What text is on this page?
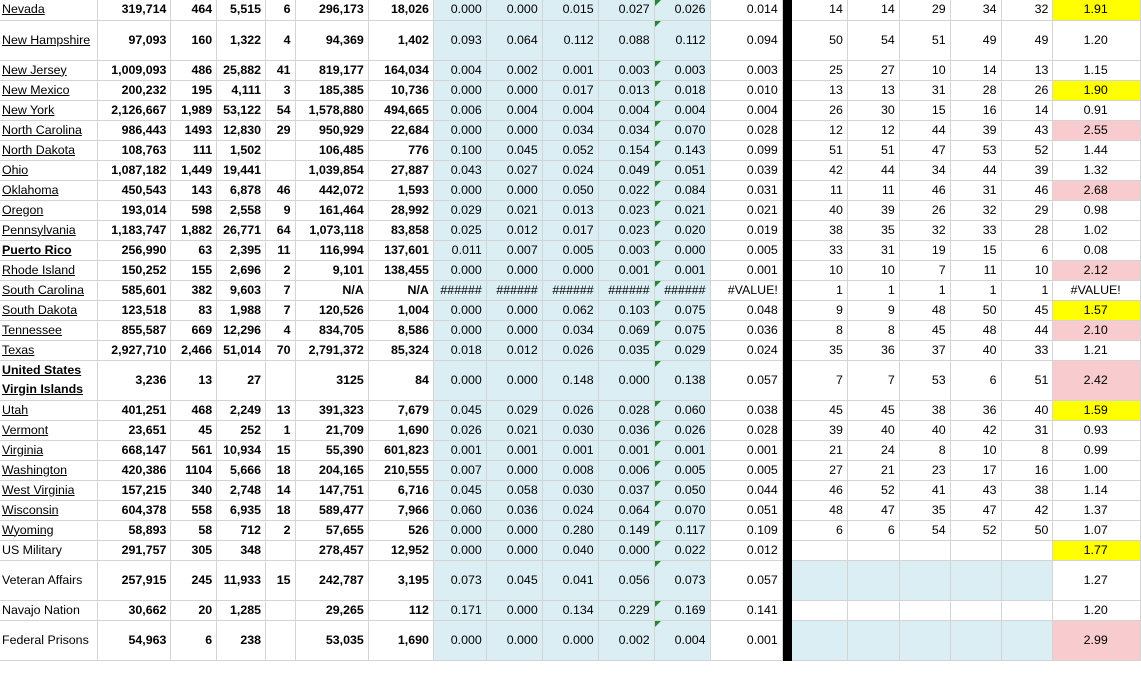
Nevada	319,714	464	5,515	6	296,173	18,026	0.000	0.000	0.015	0.027	0.026	0.014		14	14	29	34	32	1.91
New Hampshire	97,093	160	1,322	4	94,369	1,402	0.093	0.064	0.112	0.088	0.112	0.094		50	54	51	49	49	1.20
New Jersey	1,009,093	486	25,882	41	819,177	164,034	0.004	0.002	0.001	0.003	0.003	0.003		25	27	10	14	13	1.15
New Mexico	200,232	195	4,111	3	185,385	10,736	0.000	0.000	0.017	0.013	0.018	0.010		13	13	31	28	26	1.90
New York	2,126,667	1,989	53,122	54	1,578,880	494,665	0.006	0.004	0.004	0.004	0.004	0.004		26	30	15	16	14	0.91
North Carolina	986,443	1493	12,830	29	950,929	22,684	0.000	0.000	0.034	0.034	0.070	0.028		12	12	44	39	43	2.55
North Dakota	108,763	111	1,502		106,485	776	0.100	0.045	0.052	0.154	0.143	0.099		51	51	47	53	52	1.44
Ohio	1,087,182	1,449	19,441		1,039,854	27,887	0.043	0.027	0.024	0.049	0.051	0.039		42	44	34	44	39	1.32
Oklahoma	450,543	143	6,878	46	442,072	1,593	0.000	0.000	0.050	0.022	0.084	0.031		11	11	46	31	46	2.68
Oregon	193,014	598	2,558	9	161,464	28,992	0.029	0.021	0.013	0.023	0.021	0.021		40	39	26	32	29	0.98
Pennsylvania	1,183,747	1,882	26,771	64	1,073,118	83,858	0.025	0.012	0.017	0.023	0.020	0.019		38	35	32	33	28	1.02
Puerto Rico	256,990	63	2,395	11	116,994	137,601	0.011	0.007	0.005	0.003	0.000	0.005		33	31	19	15	6	0.08
Rhode Island	150,252	155	2,696	2	9,101	138,455	0.000	0.000	0.000	0.001	0.001	0.001		10	10	7	11	10	2.12
South Carolina	585,601	382	9,603	7	N/A	N/A	######	######	######	######	######	#VALUE!		1	1	1	1	1	#VALUE!
South Dakota	123,518	83	1,988	7	120,526	1,004	0.000	0.000	0.062	0.103	0.075	0.048		9	9	48	50	45	1.57
Tennessee	855,587	669	12,296	4	834,705	8,586	0.000	0.000	0.034	0.069	0.075	0.036		8	8	45	48	44	2.10
Texas	2,927,710	2,466	51,014	70	2,791,372	85,324	0.018	0.012	0.026	0.035	0.029	0.024		35	36	37	40	33	1.21
United States Virgin Islands	3,236	13	27		3125	84	0.000	0.000	0.148	0.000	0.138	0.057		7	7	53	6	51	2.42
Utah	401,251	468	2,249	13	391,323	7,679	0.045	0.029	0.026	0.028	0.060	0.038		45	45	38	36	40	1.59
Vermont	23,651	45	252	1	21,709	1,690	0.026	0.021	0.030	0.036	0.026	0.028		39	40	40	42	31	0.93
Virginia	668,147	561	10,934	15	55,390	601,823	0.001	0.001	0.001	0.001	0.001	0.001		21	24	8	10	8	0.99
Washington	420,386	1104	5,666	18	204,165	210,555	0.007	0.000	0.008	0.006	0.005	0.005		27	21	23	17	16	1.00
West Virginia	157,215	340	2,748	14	147,751	6,716	0.045	0.058	0.030	0.037	0.050	0.044		46	52	41	43	38	1.14
Wisconsin	604,378	558	6,935	18	589,477	7,966	0.060	0.036	0.024	0.064	0.070	0.051		48	47	35	47	42	1.37
Wyoming	58,893	58	712	2	57,655	526	0.000	0.000	0.280	0.149	0.117	0.109		6	6	54	52	50	1.07
US Military	291,757	305	348		278,457	12,952	0.000	0.000	0.040	0.000	0.022	0.012							1.77
Veteran Affairs	257,915	245	11,933	15	242,787	3,195	0.073	0.045	0.041	0.056	0.073	0.057							1.27
Navajo Nation	30,662	20	1,285		29,265	112	0.171	0.000	0.134	0.229	0.169	0.141							1.20
Federal Prisons	54,963	6	238		53,035	1,690	0.000	0.000	0.000	0.002	0.004	0.001							2.99
